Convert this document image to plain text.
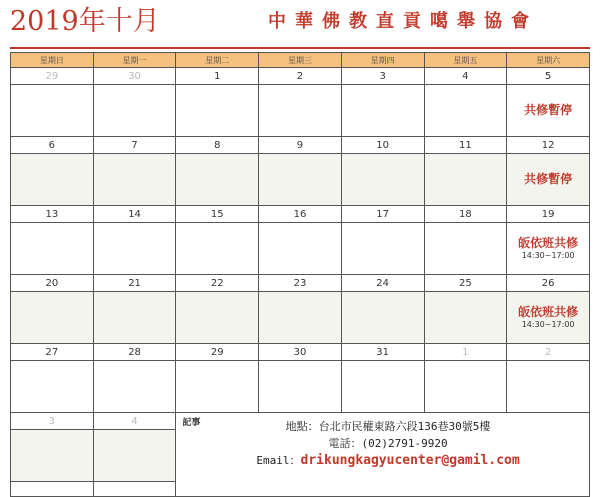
2019年十月	中華佛教直貢噶舉協會
星期日	星期一	星期二	星期三	星期四	星期五	星期六
29	30	1	2	3	4	5

						共修暫停

6	7	8	9	10	11	12

						共修暫停

13	14	15	16	17	18	19

						皈依班共修
14:30~17:00

20	21	22	23	24	25	26

						皈依班共修
14:30~17:00

27	28	29	30	31	1	2

3	4	記事 地點：台北市民權東路六段136巷30號5樓
電話：(02)2791-9920
Email：drikungkagyucenter@gamil.com				
